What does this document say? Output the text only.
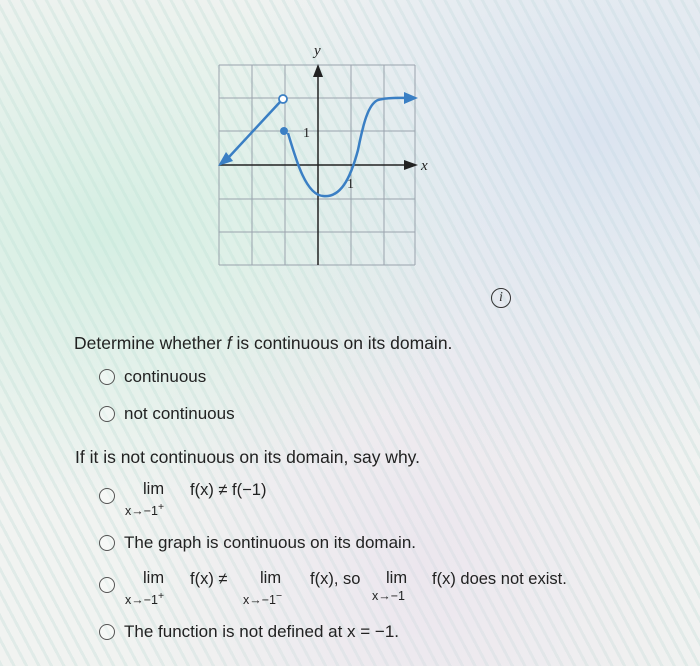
y
x
1
1
i
Determine whether f is continuous on its domain.
continuous
not continuous
If it is not continuous on its domain, say why.
lim
x→−1+
f(x) ≠ f(−1)
The graph is continuous on its domain.
lim
x→−1+
f(x) ≠ lim
x→−1−
f(x), so lim
x→−1
f(x) does not exist.
The function is not defined at x = −1.
